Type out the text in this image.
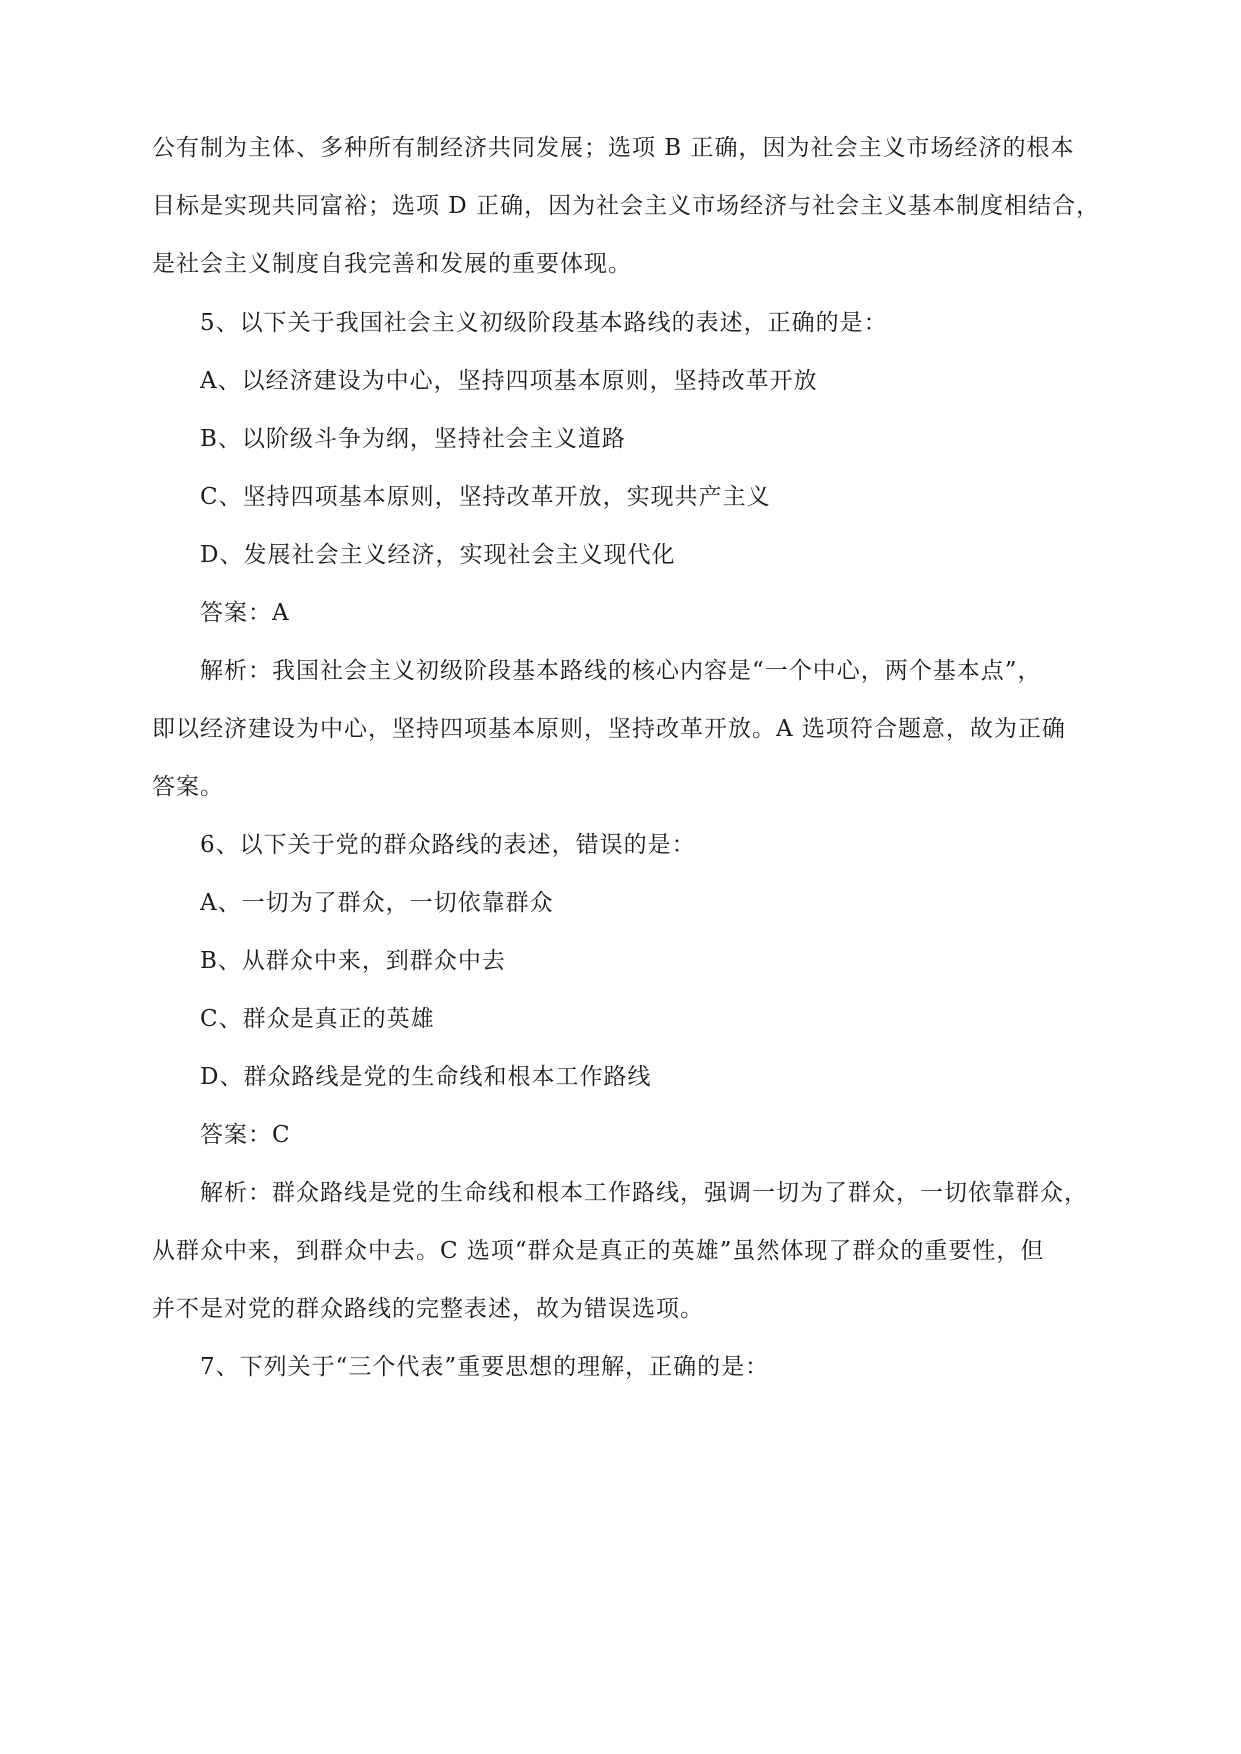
公有制为主体、多种所有制经济共同发展；选项 B 正确，因为社会主义市场经济的根本
目标是实现共同富裕；选项 D 正确，因为社会主义市场经济与社会主义基本制度相结合，
是社会主义制度自我完善和发展的重要体现。
5、以下关于我国社会主义初级阶段基本路线的表述，正确的是：
A、以经济建设为中心，坚持四项基本原则，坚持改革开放
B、以阶级斗争为纲，坚持社会主义道路
C、坚持四项基本原则，坚持改革开放，实现共产主义
D、发展社会主义经济，实现社会主义现代化
答案：A
解析：我国社会主义初级阶段基本路线的核心内容是“一个中心，两个基本点”，
即以经济建设为中心，坚持四项基本原则，坚持改革开放。A 选项符合题意，故为正确
答案。
6、以下关于党的群众路线的表述，错误的是：
A、一切为了群众，一切依靠群众
B、从群众中来，到群众中去
C、群众是真正的英雄
D、群众路线是党的生命线和根本工作路线
答案：C
解析：群众路线是党的生命线和根本工作路线，强调一切为了群众，一切依靠群众，
从群众中来，到群众中去。C 选项“群众是真正的英雄”虽然体现了群众的重要性，但
并不是对党的群众路线的完整表述，故为错误选项。
7、下列关于“三个代表”重要思想的理解，正确的是：
